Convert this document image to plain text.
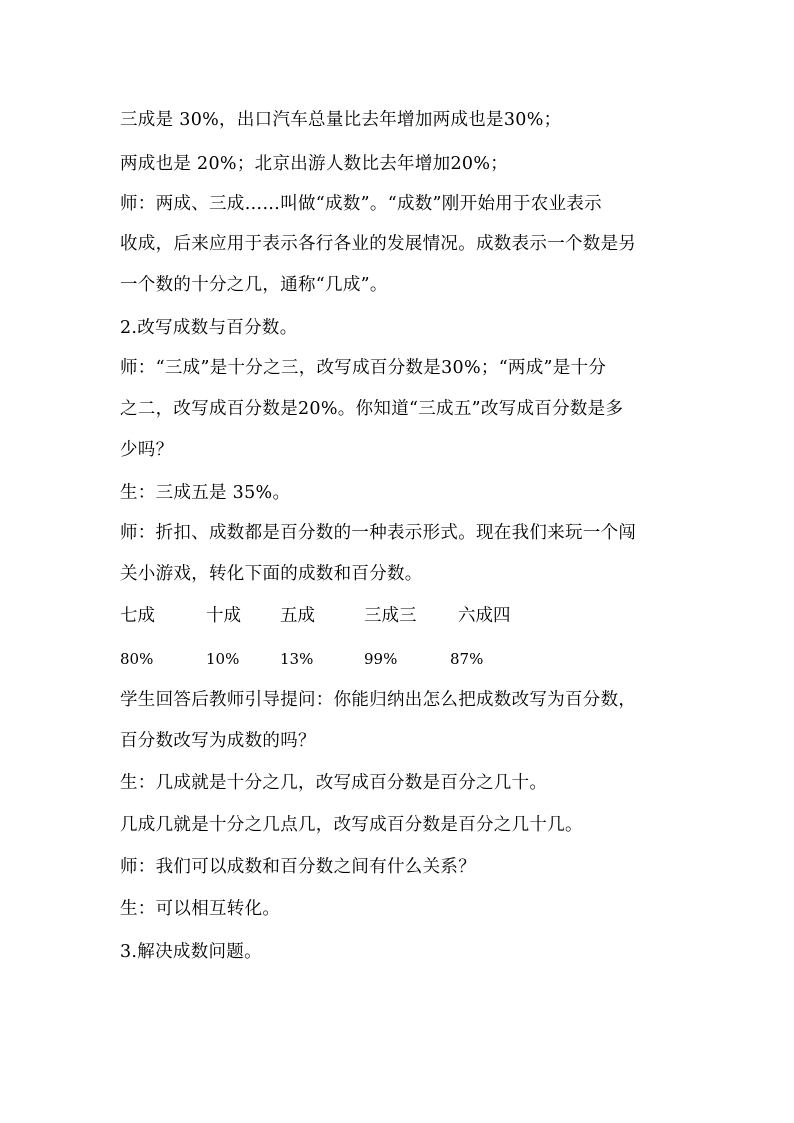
三成是 30%，出口汽车总量比去年增加两成也是30%；
两成也是 20%；北京出游人数比去年增加20%；
师：两成、三成……叫做“成数”。“成数”刚开始用于农业表示
收成，后来应用于表示各行各业的发展情况。成数表示一个数是另
一个数的十分之几，通称“几成”。
2.改写成数与百分数。
师：“三成”是十分之三，改写成百分数是30%；“两成”是十分
之二，改写成百分数是20%。你知道“三成五”改写成百分数是多
少吗？
生：三成五是 35%。
师：折扣、成数都是百分数的一种表示形式。现在我们来玩一个闯
关小游戏，转化下面的成数和百分数。
七成	十成 五成	三成三 六成四
80%	10%	13%	99%	87%
学生回答后教师引导提问：你能归纳出怎么把成数改写为百分数，
百分数改写为成数的吗？
生：几成就是十分之几，改写成百分数是百分之几十。
几成几就是十分之几点几，改写成百分数是百分之几十几。
师：我们可以成数和百分数之间有什么关系？
生：可以相互转化。
3.解决成数问题。
